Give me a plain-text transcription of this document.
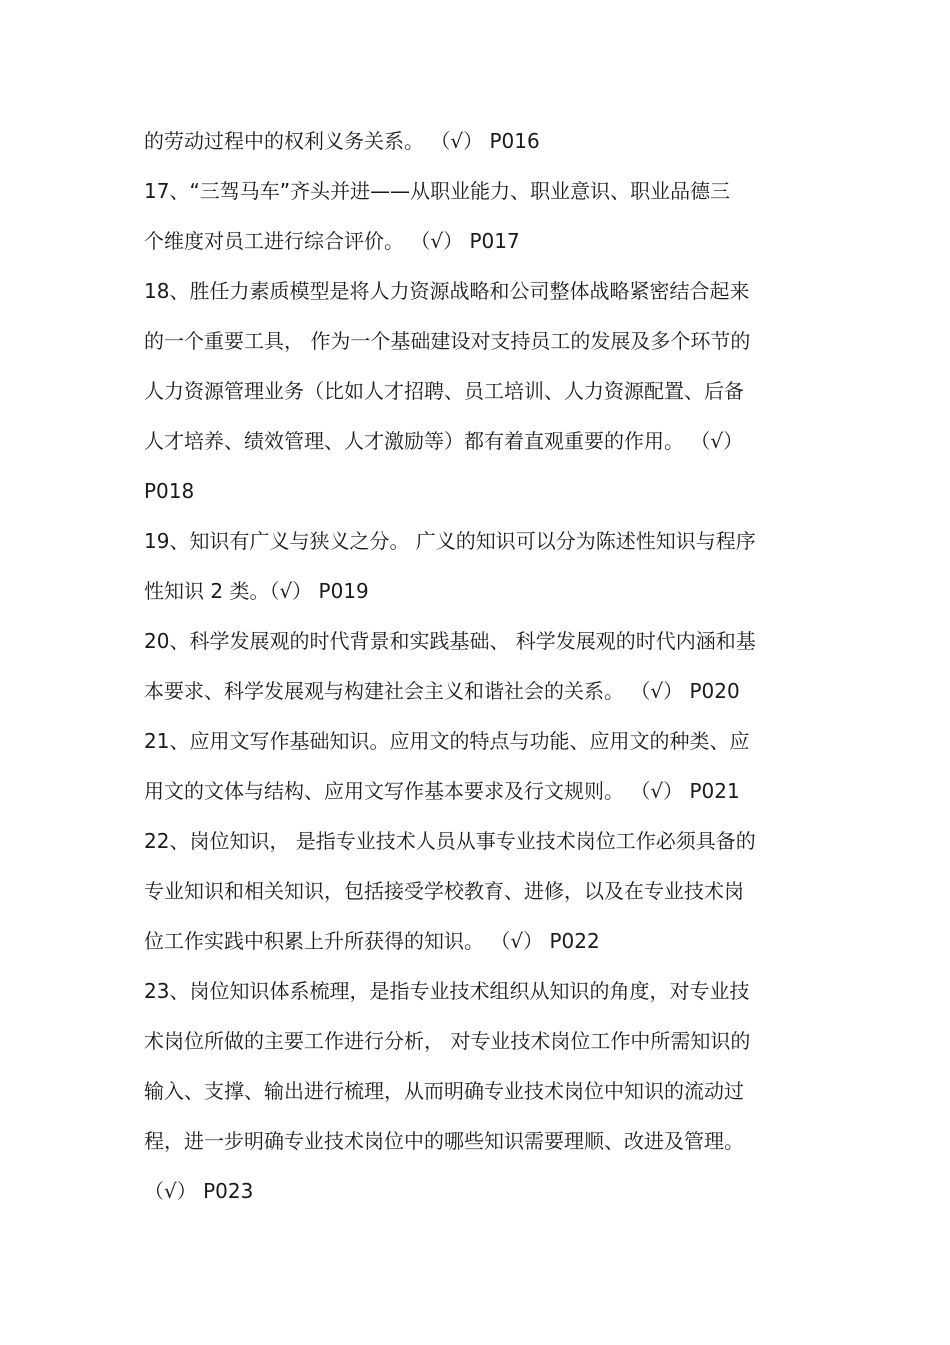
的劳动过程中的权利义务关系。 （√） P016
17、“三驾马车”齐头并进——从职业能力、职业意识、职业品德三
个维度对员工进行综合评价。 （√） P017
18、胜任力素质模型是将人力资源战略和公司整体战略紧密结合起来
的一个重要工具， 作为一个基础建设对支持员工的发展及多个环节的
人力资源管理业务（比如人才招聘、员工培训、人力资源配置、后备
人才培养、绩效管理、人才激励等）都有着直观重要的作用。 （√）
P018
19、知识有广义与狭义之分。 广义的知识可以分为陈述性知识与程序
性知识 2 类。（√） P019
20、科学发展观的时代背景和实践基础、 科学发展观的时代内涵和基
本要求、科学发展观与构建社会主义和谐社会的关系。 （√） P020
21、应用文写作基础知识。应用文的特点与功能、应用文的种类、应
用文的文体与结构、应用文写作基本要求及行文规则。 （√） P021
22、岗位知识， 是指专业技术人员从事专业技术岗位工作必须具备的
专业知识和相关知识，包括接受学校教育、进修，以及在专业技术岗
位工作实践中积累上升所获得的知识。 （√） P022
23、岗位知识体系梳理，是指专业技术组织从知识的角度，对专业技
术岗位所做的主要工作进行分析， 对专业技术岗位工作中所需知识的
输入、支撑、输出进行梳理，从而明确专业技术岗位中知识的流动过
程，进一步明确专业技术岗位中的哪些知识需要理顺、改进及管理。
（√） P023
